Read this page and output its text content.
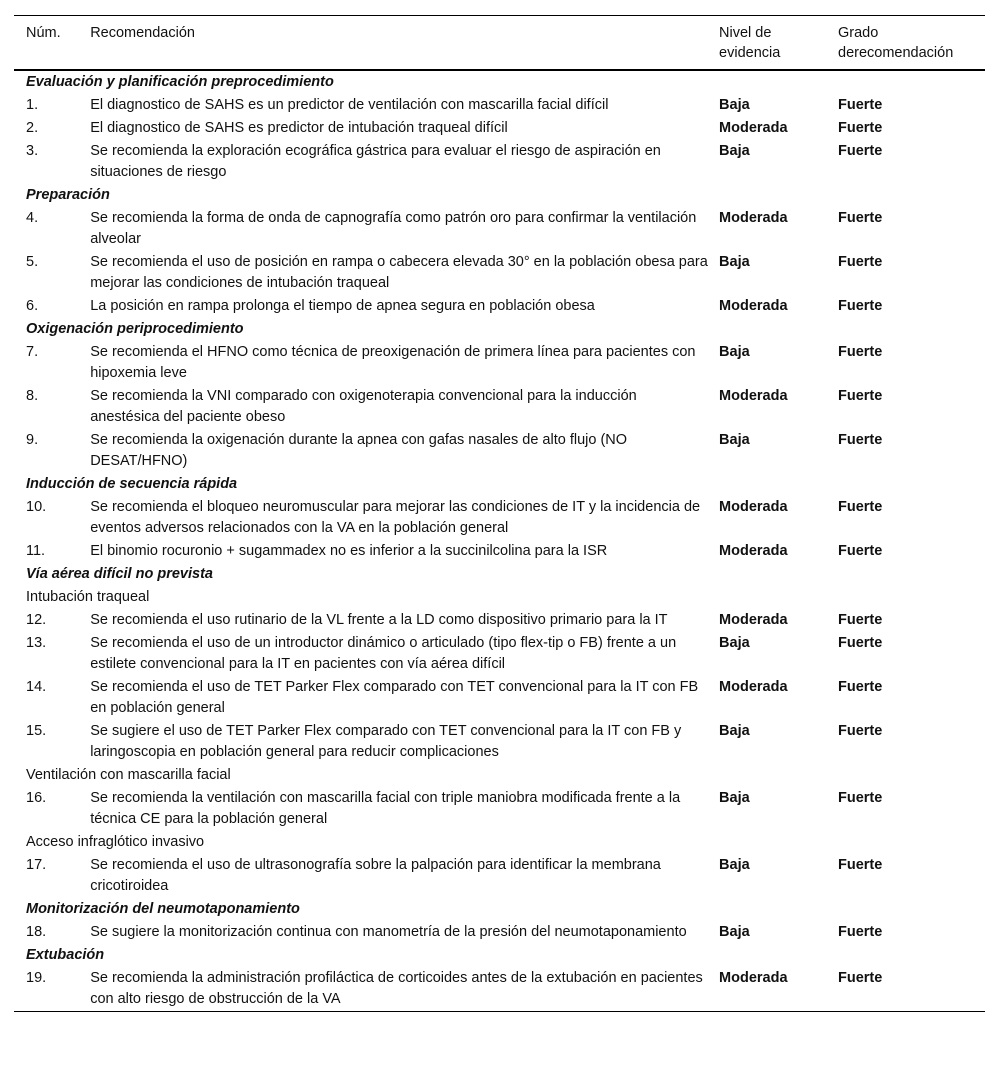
Núm.	Recomendación	Nivel de evidencia	Grado derecomendación
Evaluación y planificación preprocedimiento			
1.	El diagnostico de SAHS es un predictor de ventilación con mascarilla facial difícil	Baja	Fuerte
2.	El diagnostico de SAHS es predictor de intubación traqueal difícil	Moderada	Fuerte
3.	Se recomienda la exploración ecográfica gástrica para evaluar el riesgo de aspiración en situaciones de riesgo	Baja	Fuerte
Preparación			
4.	Se recomienda la forma de onda de capnografía como patrón oro para confirmar la ventilación alveolar	Moderada	Fuerte
5.	Se recomienda el uso de posición en rampa o cabecera elevada 30° en la población obesa para mejorar las condiciones de intubación traqueal	Baja	Fuerte
6.	La posición en rampa prolonga el tiempo de apnea segura en población obesa	Moderada	Fuerte
Oxigenación periprocedimiento			
7.	Se recomienda el HFNO como técnica de preoxigenación de primera línea para pacientes con hipoxemia leve	Baja	Fuerte
8.	Se recomienda la VNI comparado con oxigenoterapia convencional para la inducción anestésica del paciente obeso	Moderada	Fuerte
9.	Se recomienda la oxigenación durante la apnea con gafas nasales de alto flujo (NO DESAT/HFNO)	Baja	Fuerte
Inducción de secuencia rápida			
10.	Se recomienda el bloqueo neuromuscular para mejorar las condiciones de IT y la incidencia de eventos adversos relacionados con la VA en la población general	Moderada	Fuerte
11.	El binomio rocuronio + sugammadex no es inferior a la succinilcolina para la ISR	Moderada	Fuerte
Vía aérea difícil no prevista			
Intubación traqueal			
12.	Se recomienda el uso rutinario de la VL frente a la LD como dispositivo primario para la IT	Moderada	Fuerte
13.	Se recomienda el uso de un introductor dinámico o articulado (tipo flex-tip o FB) frente a un estilete convencional para la IT en pacientes con vía aérea difícil	Baja	Fuerte
14.	Se recomienda el uso de TET Parker Flex comparado con TET convencional para la IT con FB en población general	Moderada	Fuerte
15.	Se sugiere el uso de TET Parker Flex comparado con TET convencional para la IT con FB y laringoscopia en población general para reducir complicaciones	Baja	Fuerte
Ventilación con mascarilla facial			
16.	Se recomienda la ventilación con mascarilla facial con triple maniobra modificada frente a la técnica CE para la población general	Baja	Fuerte
Acceso infraglótico invasivo			
17.	Se recomienda el uso de ultrasonografía sobre la palpación para identificar la membrana cricotiroidea	Baja	Fuerte
Monitorización del neumotaponamiento			
18.	Se sugiere la monitorización continua con manometría de la presión del neumotaponamiento	Baja	Fuerte
Extubación			
19.	Se recomienda la administración profiláctica de corticoides antes de la extubación en pacientes con alto riesgo de obstrucción de la VA	Moderada	Fuerte
